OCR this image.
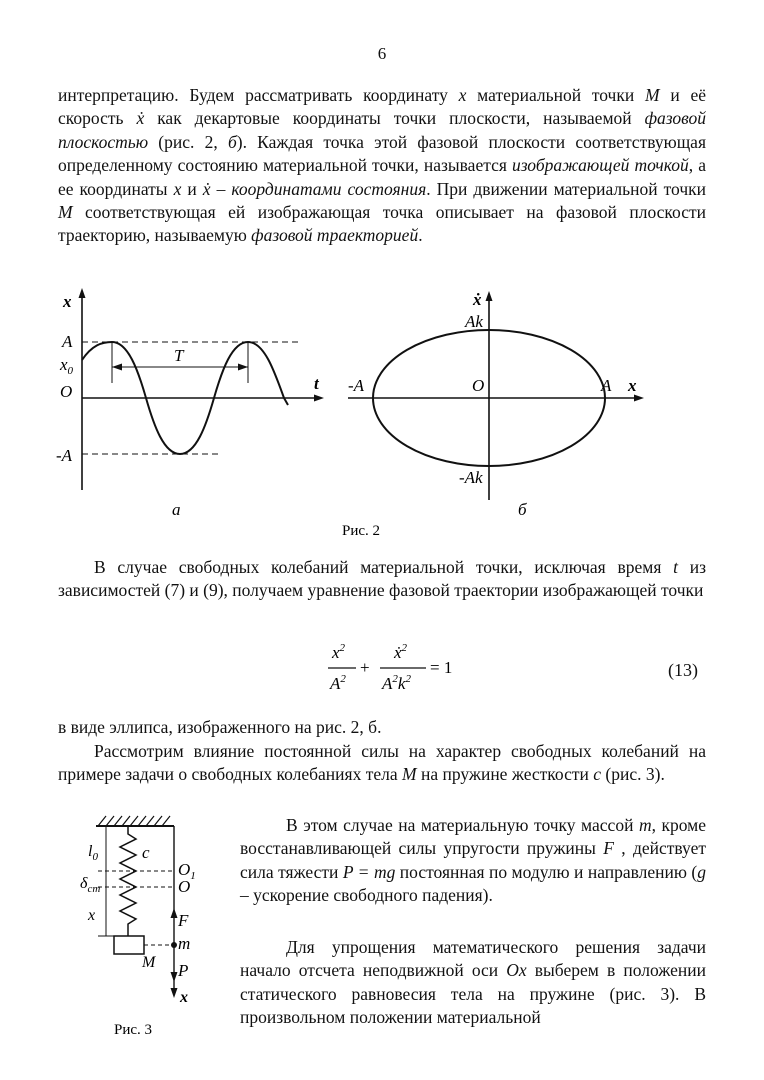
6

интерпретацию. Будем рассматривать координату x материальной точки M и её скорость ẋ как декартовые координаты точки плоскости, называемой фазовой плоскостью (рис. 2, б). Каждая точка этой фазовой плоскости соответствующая определенному состоянию материальной точки, называется изображающей точкой, а ее координаты x и ẋ – координатами состояния. При движении материальной точки M соответствующая ей изображающая точка описывает на фазовой плоскости траекторию, называемую фазовой траекторией.

x
t
A
$x_0$
O
-A
T
ẋ
Ak
-A	O	A x
-Ak
а	б
Рис. 2

В случае свободных колебаний материальной точки, исключая время t из зависимостей (7) и (9), получаем уравнение фазовой траектории изображающей точки

$x^2$
$A^2$
+
ẋ$^2$
$A^2k^2$
= 1	(13)

в виде эллипса, изображенного на рис. 2, б.

Рассмотрим влияние постоянной силы на характер свободных колебаний на примере задачи о свободных колебаниях тела M на пружине жесткости c (рис. 3).

В этом случае на материальную точку массой m, кроме восстанавливающей силы упругости пружины F , действует сила тяжести P = mg постоянная по модулю и направлению (g – ускорение свободного падения).

Для упрощения математического решения задачи начало отсчета неподвижной оси Ox выберем в положении статического равновесия тела на пружине (рис. 3). В произвольном положении материальной

c
$l_0$
$\delta_{ст}$
x
$O_1$
O
F
m
M P
x
Рис. 3
